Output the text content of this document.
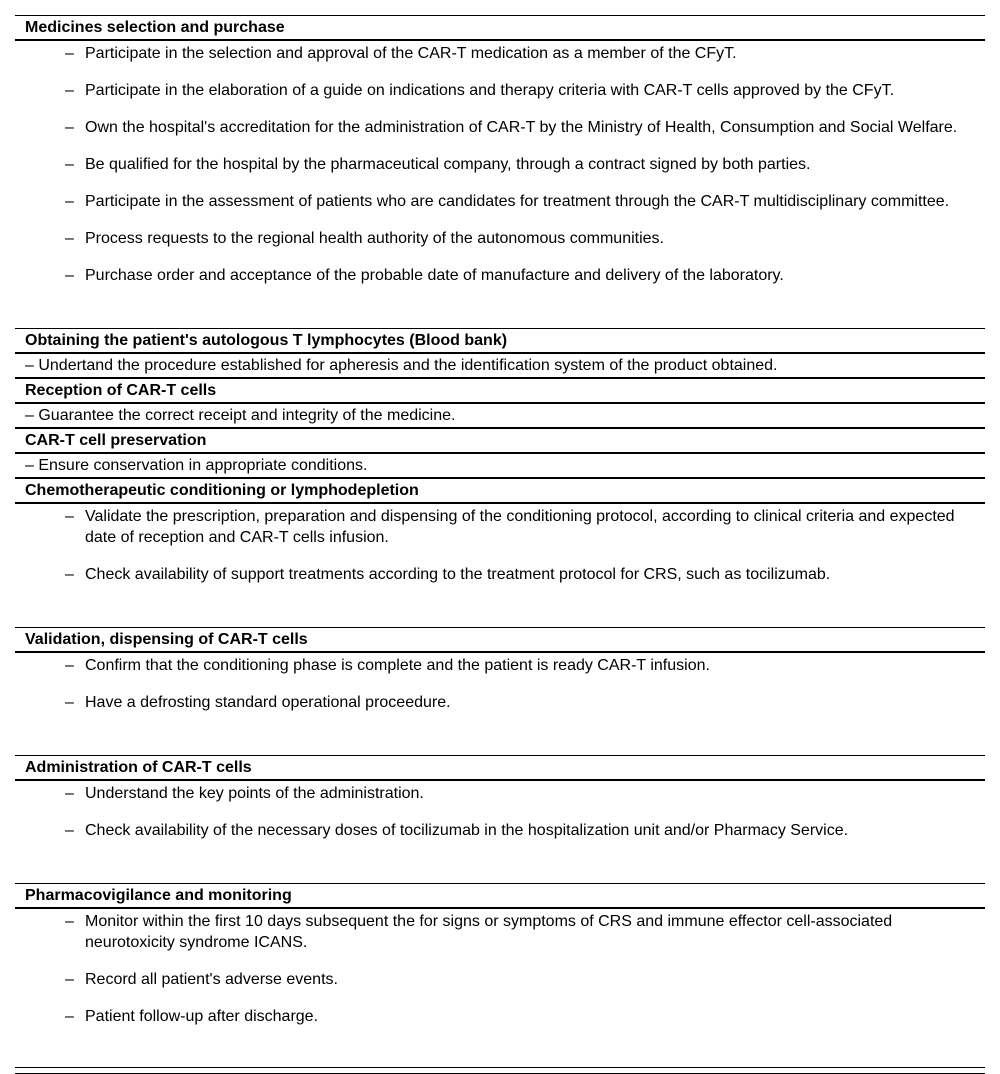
Medicines selection and purchase
– Participate in the selection and approval of the CAR-T medication as a member of the CFyT.
– Participate in the elaboration of a guide on indications and therapy criteria with CAR-T cells approved by the CFyT.
– Own the hospital's accreditation for the administration of CAR-T by the Ministry of Health, Consumption and Social Welfare.
– Be qualified for the hospital by the pharmaceutical company, through a contract signed by both parties.
– Participate in the assessment of patients who are candidates for treatment through the CAR-T multidisciplinary committee.
– Process requests to the regional health authority of the autonomous communities.
– Purchase order and acceptance of the probable date of manufacture and delivery of the laboratory.
Obtaining the patient's autologous T lymphocytes (Blood bank)
– Undertand the procedure established for apheresis and the identification system of the product obtained.
Reception of CAR-T cells
– Guarantee the correct receipt and integrity of the medicine.
CAR-T cell preservation
– Ensure conservation in appropriate conditions.
Chemotherapeutic conditioning or lymphodepletion
– Validate the prescription, preparation and dispensing of the conditioning protocol, according to clinical criteria and expected date of reception and CAR-T cells infusion.
– Check availability of support treatments according to the treatment protocol for CRS, such as tocilizumab.
Validation, dispensing of CAR-T cells
– Confirm that the conditioning phase is complete and the patient is ready CAR-T infusion.
– Have a defrosting standard operational proceedure.
Administration of CAR-T cells
– Understand the key points of the administration.
– Check availability of the necessary doses of tocilizumab in the hospitalization unit and/or Pharmacy Service.
Pharmacovigilance and monitoring
– Monitor within the first 10 days subsequent the for signs or symptoms of CRS and immune effector cell-associated neurotoxicity syndrome ICANS.
– Record all patient's adverse events.
– Patient follow-up after discharge.
